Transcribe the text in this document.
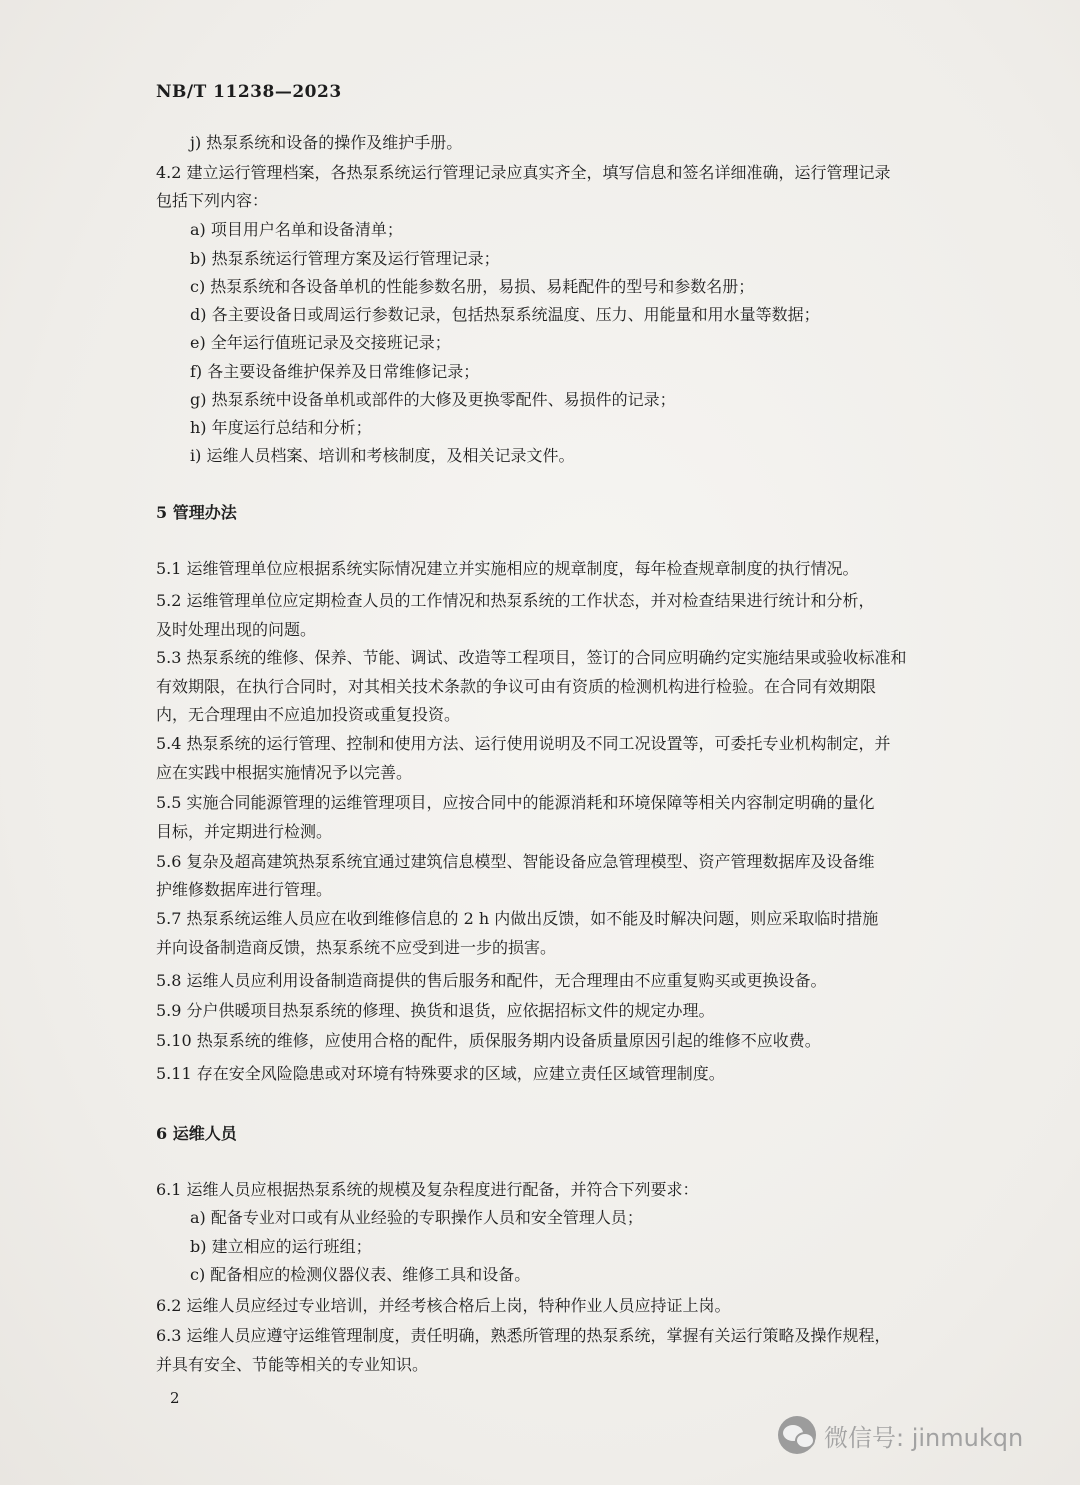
NB/T 11238—2023
j) 热泵系统和设备的操作及维护手册。
4.2 建立运行管理档案，各热泵系统运行管理记录应真实齐全，填写信息和签名详细准确，运行管理记录
包括下列内容：
a) 项目用户名单和设备清单；
b) 热泵系统运行管理方案及运行管理记录；
c) 热泵系统和各设备单机的性能参数名册，易损、易耗配件的型号和参数名册；
d) 各主要设备日或周运行参数记录，包括热泵系统温度、压力、用能量和用水量等数据；
e) 全年运行值班记录及交接班记录；
f) 各主要设备维护保养及日常维修记录；
g) 热泵系统中设备单机或部件的大修及更换零配件、易损件的记录；
h) 年度运行总结和分析；
i) 运维人员档案、培训和考核制度，及相关记录文件。
5 管理办法
5.1 运维管理单位应根据系统实际情况建立并实施相应的规章制度，每年检查规章制度的执行情况。
5.2 运维管理单位应定期检查人员的工作情况和热泵系统的工作状态，并对检查结果进行统计和分析，
及时处理出现的问题。
5.3 热泵系统的维修、保养、节能、调试、改造等工程项目，签订的合同应明确约定实施结果或验收标准和
有效期限，在执行合同时，对其相关技术条款的争议可由有资质的检测机构进行检验。在合同有效期限
内，无合理理由不应追加投资或重复投资。
5.4 热泵系统的运行管理、控制和使用方法、运行使用说明及不同工况设置等，可委托专业机构制定，并
应在实践中根据实施情况予以完善。
5.5 实施合同能源管理的运维管理项目，应按合同中的能源消耗和环境保障等相关内容制定明确的量化
目标，并定期进行检测。
5.6 复杂及超高建筑热泵系统宜通过建筑信息模型、智能设备应急管理模型、资产管理数据库及设备维
护维修数据库进行管理。
5.7 热泵系统运维人员应在收到维修信息的 2 h 内做出反馈，如不能及时解决问题，则应采取临时措施
并向设备制造商反馈，热泵系统不应受到进一步的损害。
5.8 运维人员应利用设备制造商提供的售后服务和配件，无合理理由不应重复购买或更换设备。
5.9 分户供暖项目热泵系统的修理、换货和退货，应依据招标文件的规定办理。
5.10 热泵系统的维修，应使用合格的配件，质保服务期内设备质量原因引起的维修不应收费。
5.11 存在安全风险隐患或对环境有特殊要求的区域，应建立责任区域管理制度。
6 运维人员
6.1 运维人员应根据热泵系统的规模及复杂程度进行配备，并符合下列要求：
a) 配备专业对口或有从业经验的专职操作人员和安全管理人员；
b) 建立相应的运行班组；
c) 配备相应的检测仪器仪表、维修工具和设备。
6.2 运维人员应经过专业培训，并经考核合格后上岗，特种作业人员应持证上岗。
6.3 运维人员应遵守运维管理制度，责任明确，熟悉所管理的热泵系统，掌握有关运行策略及操作规程，
并具有安全、节能等相关的专业知识。
2
微信号: jinmukqn
